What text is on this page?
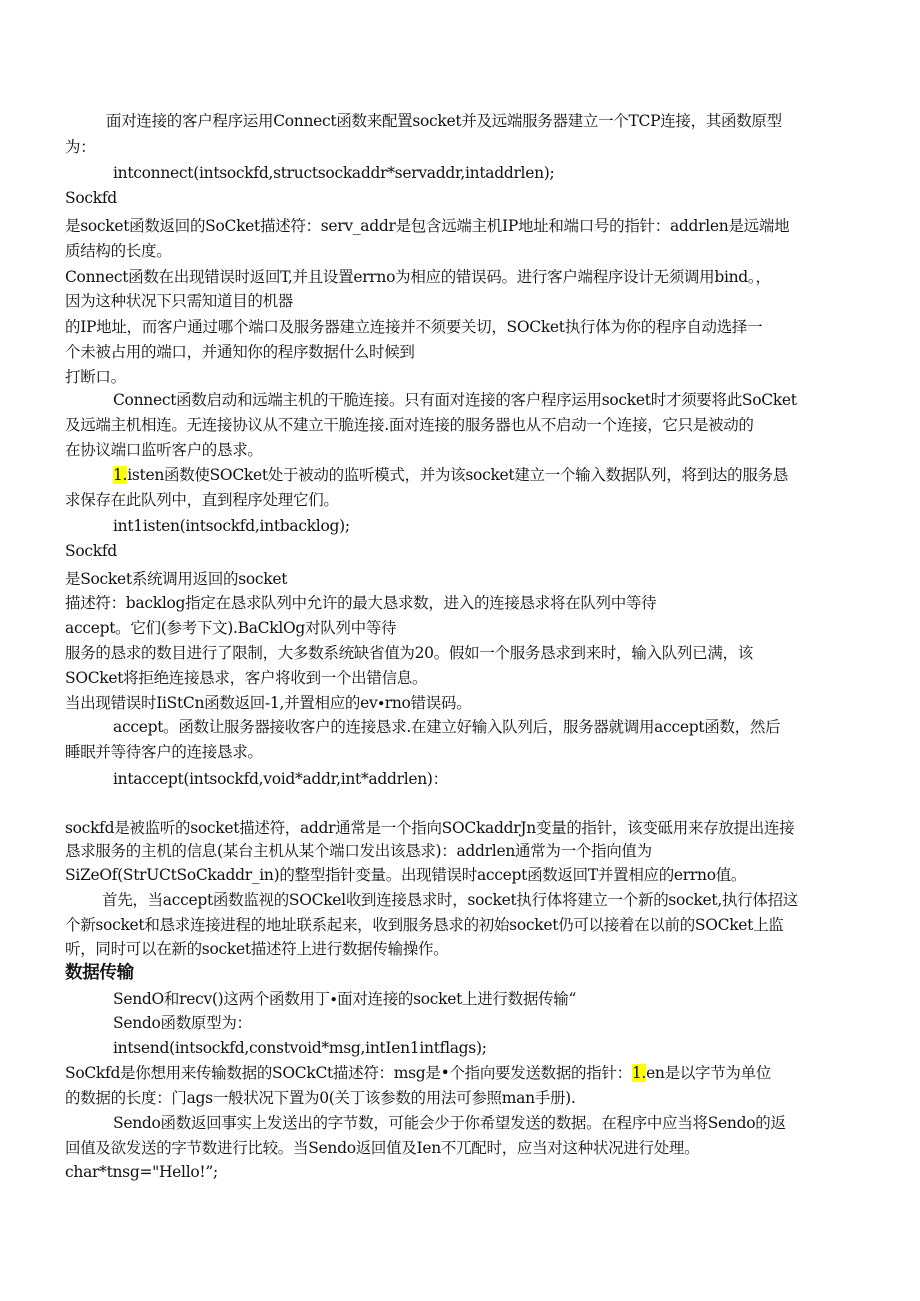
面对连接的客户程序运用Connect函数来配置socket并及远端服务器建立一个TCP连接，其函数原型
为：
intconnect(intsockfd,structsockaddr*servaddr,intaddrlen);
Sockfd
是socket函数返回的SoCket描述符：serv_addr是包含远端主机IP地址和端口号的指针：addrlen是远端地
质结构的长度。
Connect函数在出现错误时返回T,并且设置errno为相应的错误码。进行客户端程序设计无须调用bind。，
因为这种状况下只需知道目的机器
的IP地址，而客户通过哪个端口及服务器建立连接并不须要关切，SOCket执行体为你的程序自动选择一
个未被占用的端口，并通知你的程序数据什么时候到
打断口。
Connect函数启动和远端主机的干脆连接。只有面对连接的客户程序运用socket时才须要将此SoCket
及远端主机相连。无连接协议从不建立干脆连接.面对连接的服务器也从不启动一个连接，它只是被动的
在协议端口监听客户的恳求。
1.isten函数使SOCket处于被动的监听模式，并为该socket建立一个输入数据队列，将到达的服务恳
求保存在此队列中，直到程序处理它们。
int1isten(intsockfd,intbacklog);
Sockfd
是Socket系统调用返回的socket
描述符：backlog指定在恳求队列中允许的最大恳求数，进入的连接恳求将在队列中等待
accept。它们(参考下文).BaCklOg对队列中等待
服务的恳求的数目进行了限制，大多数系统缺省值为20。假如一个服务恳求到来时，输入队列已满，该
SOCket将拒绝连接恳求，客户将收到一个出错信息。
当出现错误时IiStCn函数返回-1,并置相应的ev∙rno错误码。
accept。函数让服务器接收客户的连接恳求.在建立好输入队列后，服务器就调用accept函数，然后
睡眠并等待客户的连接恳求。
intaccept(intsockfd,void*addr,int*addrlen)：
sockfd是被监听的socket描述符，addr通常是一个指向SOCkaddrJn变量的指针，该变砥用来存放提出连接
恳求服务的主机的信息(某台主机从某个端口发出该恳求)：addrlen通常为一个指向值为
SiZeOf(StrUCtSoCkaddr_in)的整型指针变量。出现错误时accept函数返回T并置相应的errno值。
首先，当accept函数监视的SOCkel收到连接恳求时，socket执行体将建立一个新的socket,执行体招这
个新socket和恳求连接进程的地址联系起来，收到服务恳求的初始socket仍可以接着在以前的SOCket上监
听，同时可以在新的socket描述符上进行数据传输操作。
数据传输
SendO和recv()这两个函数用丁∙面对连接的socket上进行数据传输“
Sendo函数原型为：
intsend(intsockfd,constvoid*msg,intIen1intflags);
SoCkfd是你想用来传输数据的SOCkCt描述符：msg是•个指向要发送数据的指针：1.en是以字节为单位
的数据的长度：门ags一般状况下置为0(关丁该参数的用法可参照man手册).
Sendo函数返回事实上发送出的字节数，可能会少于你希望发送的数据。在程序中应当将Sendo的返
回值及欲发送的字节数进行比较。当Sendo返回值及Ien不兀配时，应当对这种状况进行处理。
char*tnsg="Hello!”;
